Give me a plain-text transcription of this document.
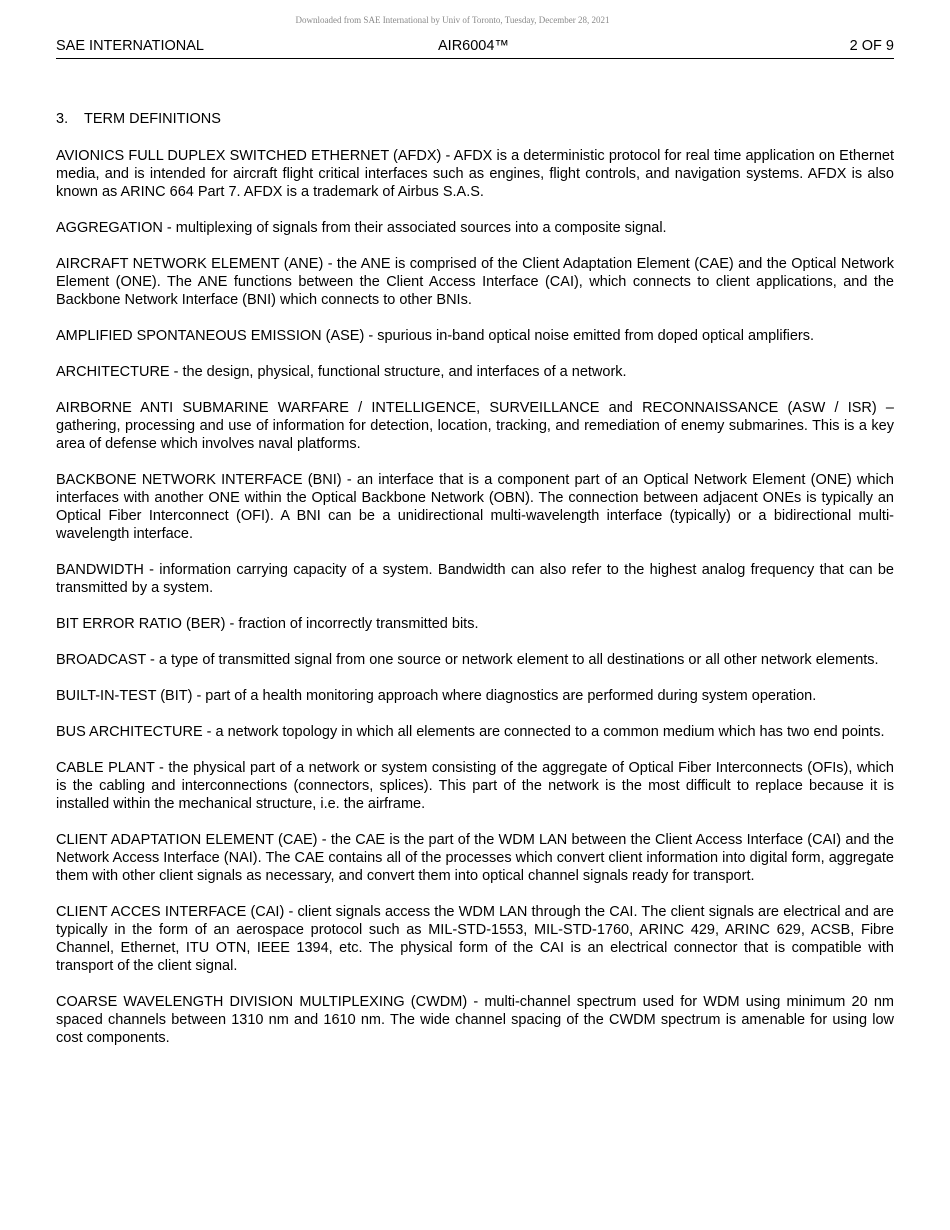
Downloaded from SAE International by Univ of Toronto, Tuesday, December 28, 2021
SAE INTERNATIONAL	AIR6004™	2 OF 9
3. TERM DEFINITIONS

AVIONICS FULL DUPLEX SWITCHED ETHERNET (AFDX) - AFDX is a deterministic protocol for real time application on Ethernet media, and is intended for aircraft flight critical interfaces such as engines, flight controls, and navigation systems. AFDX is also known as ARINC 664 Part 7. AFDX is a trademark of Airbus S.A.S.

AGGREGATION - multiplexing of signals from their associated sources into a composite signal.

AIRCRAFT NETWORK ELEMENT (ANE) - the ANE is comprised of the Client Adaptation Element (CAE) and the Optical Network Element (ONE). The ANE functions between the Client Access Interface (CAI), which connects to client applications, and the Backbone Network Interface (BNI) which connects to other BNIs.

AMPLIFIED SPONTANEOUS EMISSION (ASE) - spurious in-band optical noise emitted from doped optical amplifiers.

ARCHITECTURE - the design, physical, functional structure, and interfaces of a network.

AIRBORNE ANTI SUBMARINE WARFARE / INTELLIGENCE, SURVEILLANCE and RECONNAISSANCE (ASW / ISR) – gathering, processing and use of information for detection, location, tracking, and remediation of enemy submarines. This is a key area of defense which involves naval platforms.

BACKBONE NETWORK INTERFACE (BNI) - an interface that is a component part of an Optical Network Element (ONE) which interfaces with another ONE within the Optical Backbone Network (OBN). The connection between adjacent ONEs is typically an Optical Fiber Interconnect (OFI). A BNI can be a unidirectional multi-wavelength interface (typically) or a bidirectional multi-wavelength interface.

BANDWIDTH - information carrying capacity of a system. Bandwidth can also refer to the highest analog frequency that can be transmitted by a system.

BIT ERROR RATIO (BER) - fraction of incorrectly transmitted bits.

BROADCAST - a type of transmitted signal from one source or network element to all destinations or all other network elements.

BUILT-IN-TEST (BIT) - part of a health monitoring approach where diagnostics are performed during system operation.

BUS ARCHITECTURE - a network topology in which all elements are connected to a common medium which has two end points.

CABLE PLANT - the physical part of a network or system consisting of the aggregate of Optical Fiber Interconnects (OFIs), which is the cabling and interconnections (connectors, splices). This part of the network is the most difficult to replace because it is installed within the mechanical structure, i.e. the airframe.

CLIENT ADAPTATION ELEMENT (CAE) - the CAE is the part of the WDM LAN between the Client Access Interface (CAI) and the Network Access Interface (NAI). The CAE contains all of the processes which convert client information into digital form, aggregate them with other client signals as necessary, and convert them into optical channel signals ready for transport.

CLIENT ACCES INTERFACE (CAI) - client signals access the WDM LAN through the CAI. The client signals are electrical and are typically in the form of an aerospace protocol such as MIL-STD-1553, MIL-STD-1760, ARINC 429, ARINC 629, ACSB, Fibre Channel, Ethernet, ITU OTN, IEEE 1394, etc. The physical form of the CAI is an electrical connector that is compatible with transport of the client signal.

COARSE WAVELENGTH DIVISION MULTIPLEXING (CWDM) - multi-channel spectrum used for WDM using minimum 20 nm spaced channels between 1310 nm and 1610 nm. The wide channel spacing of the CWDM spectrum is amenable for using low cost components.
